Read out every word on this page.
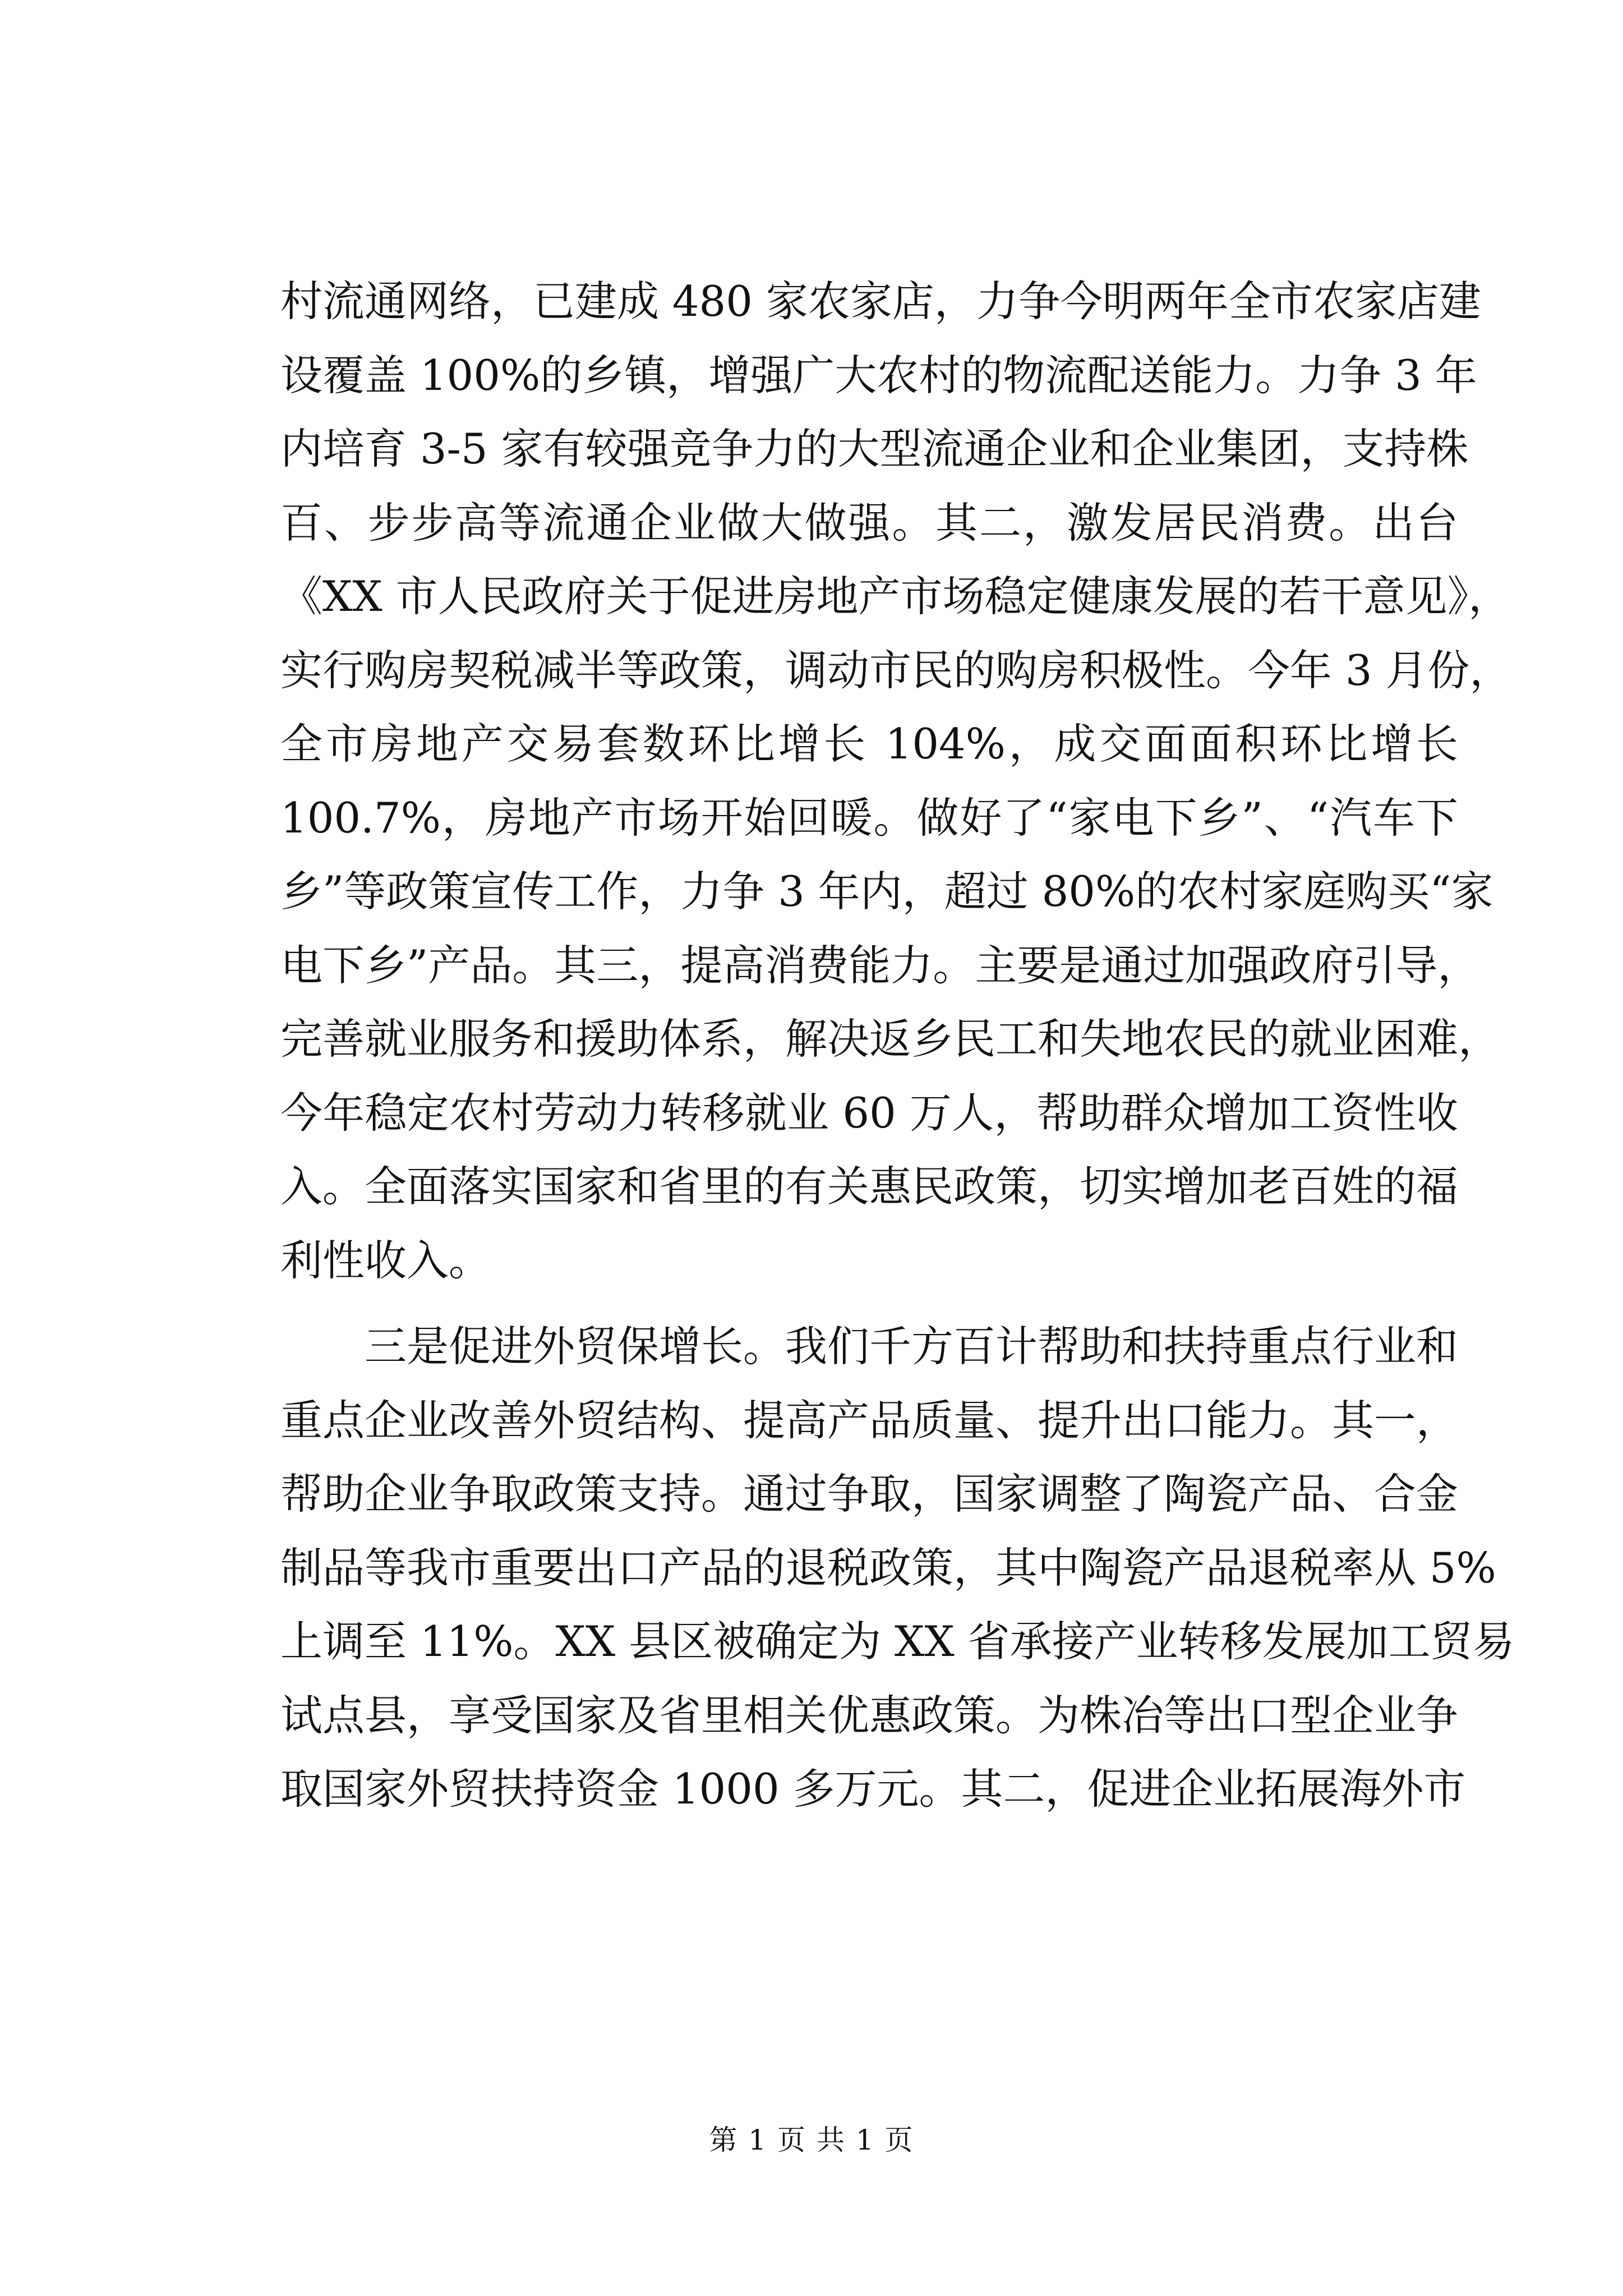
村流通网络，已建成 480 家农家店，力争今明两年全市农家店建
设覆盖 100%的乡镇，增强广大农村的物流配送能力。力争 3 年
内培育 3-5 家有较强竞争力的大型流通企业和企业集团，支持株
百、步步高等流通企业做大做强。其二，激发居民消费。出台
《XX 市人民政府关于促进房地产市场稳定健康发展的若干意见》，
实行购房契税减半等政策，调动市民的购房积极性。今年 3 月份，
全市房地产交易套数环比增长 104%，成交面面积环比增长
100.7%，房地产市场开始回暖。做好了“家电下乡”、“汽车下
乡”等政策宣传工作，力争 3 年内，超过 80%的农村家庭购买“家
电下乡”产品。其三，提高消费能力。主要是通过加强政府引导，
完善就业服务和援助体系，解决返乡民工和失地农民的就业困难，
今年稳定农村劳动力转移就业 60 万人，帮助群众增加工资性收
入。全面落实国家和省里的有关惠民政策，切实增加老百姓的福
利性收入。
三是促进外贸保增长。我们千方百计帮助和扶持重点行业和
重点企业改善外贸结构、提高产品质量、提升出口能力。其一，
帮助企业争取政策支持。通过争取，国家调整了陶瓷产品、合金
制品等我市重要出口产品的退税政策，其中陶瓷产品退税率从 5%
上调至 11%。XX 县区被确定为 XX 省承接产业转移发展加工贸易
试点县，享受国家及省里相关优惠政策。为株冶等出口型企业争
取国家外贸扶持资金 1000 多万元。其二，促进企业拓展海外市
第 1 页 共 1 页
